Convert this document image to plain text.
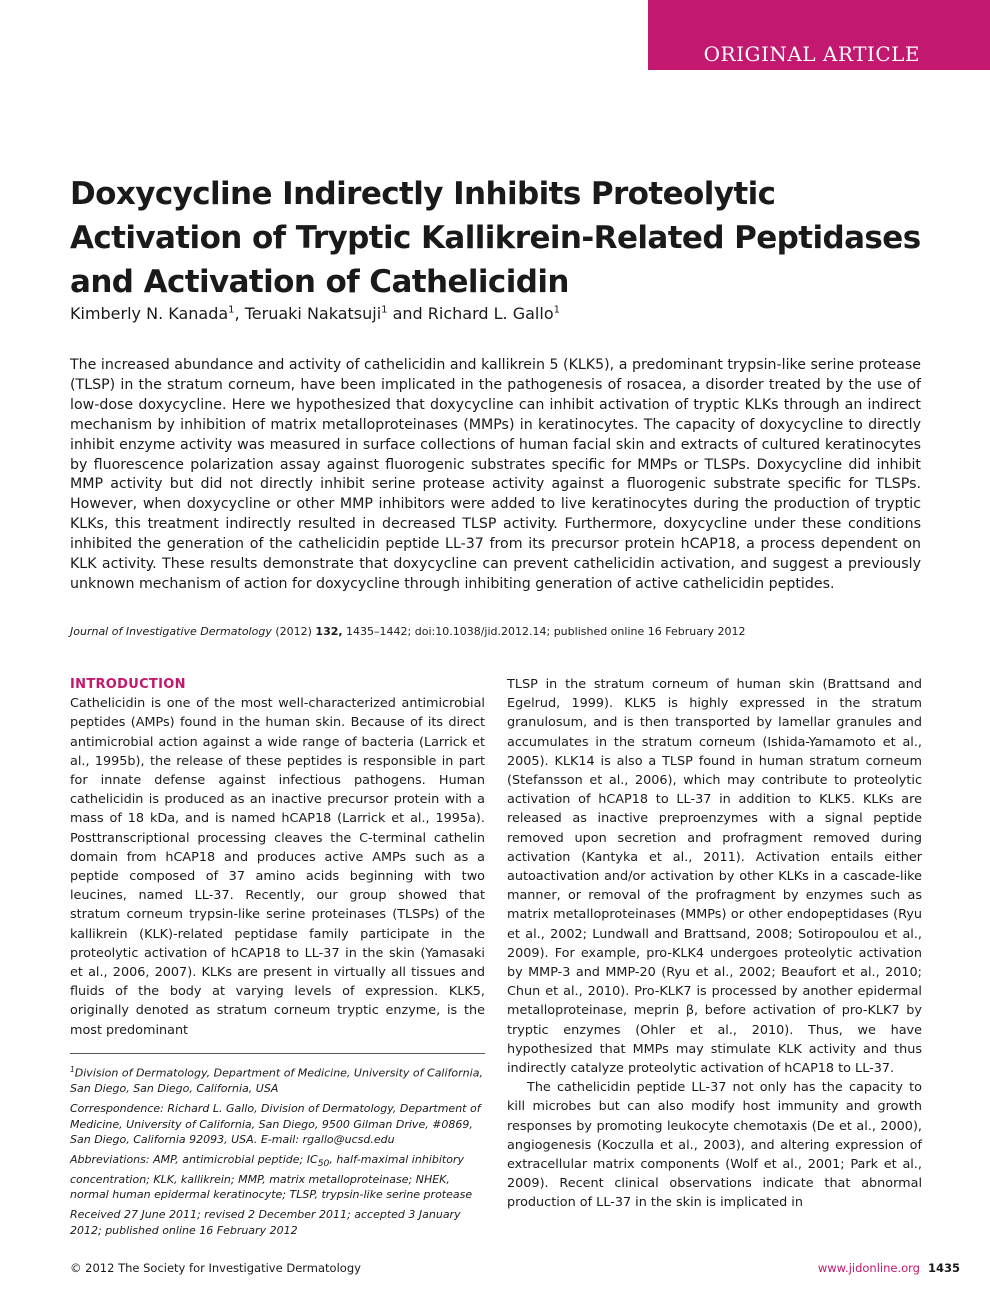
ORIGINAL ARTICLE
Doxycycline Indirectly Inhibits Proteolytic Activation of Tryptic Kallikrein-Related Peptidases and Activation of Cathelicidin
Kimberly N. Kanada$^1$, Teruaki Nakatsuji$^1$ and Richard L. Gallo$^1$

The increased abundance and activity of cathelicidin and kallikrein 5 (KLK5), a predominant trypsin-like serine protease (TLSP) in the stratum corneum, have been implicated in the pathogenesis of rosacea, a disorder treated by the use of low-dose doxycycline. Here we hypothesized that doxycycline can inhibit activation of tryptic KLKs through an indirect mechanism by inhibition of matrix metalloproteinases (MMPs) in keratinocytes. The capacity of doxycycline to directly inhibit enzyme activity was measured in surface collections of human facial skin and extracts of cultured keratinocytes by fluorescence polarization assay against fluorogenic substrates specific for MMPs or TLSPs. Doxycycline did inhibit MMP activity but did not directly inhibit serine protease activity against a fluorogenic substrate specific for TLSPs. However, when doxycycline or other MMP inhibitors were added to live keratinocytes during the production of tryptic KLKs, this treatment indirectly resulted in decreased TLSP activity. Furthermore, doxycycline under these conditions inhibited the generation of the cathelicidin peptide LL-37 from its precursor protein hCAP18, a process dependent on KLK activity. These results demonstrate that doxycycline can prevent cathelicidin activation, and suggest a previously unknown mechanism of action for doxycycline through inhibiting generation of active cathelicidin peptides.

Journal of Investigative Dermatology (2012) 132, 1435–1442; doi:10.1038/jid.2012.14; published online 16 February 2012

INTRODUCTION

Cathelicidin is one of the most well-characterized antimicrobial peptides (AMPs) found in the human skin. Because of its direct antimicrobial action against a wide range of bacteria (Larrick et al., 1995b), the release of these peptides is responsible in part for innate defense against infectious pathogens. Human cathelicidin is produced as an inactive precursor protein with a mass of 18 kDa, and is named hCAP18 (Larrick et al., 1995a). Posttranscriptional processing cleaves the C-terminal cathelin domain from hCAP18 and produces active AMPs such as a peptide composed of 37 amino acids beginning with two leucines, named LL-37. Recently, our group showed that stratum corneum trypsin-like serine proteinases (TLSPs) of the kallikrein (KLK)-related peptidase family participate in the proteolytic activation of hCAP18 to LL-37 in the skin (Yamasaki et al., 2006, 2007). KLKs are present in virtually all tissues and fluids of the body at varying levels of expression. KLK5, originally denoted as stratum corneum tryptic enzyme, is the most predominant

$^1$Division of Dermatology, Department of Medicine, University of California, San Diego, San Diego, California, USA

Correspondence: Richard L. Gallo, Division of Dermatology, Department of Medicine, University of California, San Diego, 9500 Gilman Drive, #0869, San Diego, California 92093, USA. E-mail: rgallo@ucsd.edu

Abbreviations: AMP, antimicrobial peptide; $IC_{50}$, half-maximal inhibitory concentration; KLK, kallikrein; MMP, matrix metalloproteinase; NHEK, normal human epidermal keratinocyte; TLSP, trypsin-like serine protease

Received 27 June 2011; revised 2 December 2011; accepted 3 January 2012; published online 16 February 2012

TLSP in the stratum corneum of human skin (Brattsand and Egelrud, 1999). KLK5 is highly expressed in the stratum granulosum, and is then transported by lamellar granules and accumulates in the stratum corneum (Ishida-Yamamoto et al., 2005). KLK14 is also a TLSP found in human stratum corneum (Stefansson et al., 2006), which may contribute to proteolytic activation of hCAP18 to LL-37 in addition to KLK5. KLKs are released as inactive preproenzymes with a signal peptide removed upon secretion and profragment removed during activation (Kantyka et al., 2011). Activation entails either autoactivation and/or activation by other KLKs in a cascade-like manner, or removal of the profragment by enzymes such as matrix metalloproteinases (MMPs) or other endopeptidases (Ryu et al., 2002; Lundwall and Brattsand, 2008; Sotiropoulou et al., 2009). For example, pro-KLK4 undergoes proteolytic activation by MMP-3 and MMP-20 (Ryu et al., 2002; Beaufort et al., 2010; Chun et al., 2010). Pro-KLK7 is processed by another epidermal metalloproteinase, meprin β, before activation of pro-KLK7 by tryptic enzymes (Ohler et al., 2010). Thus, we have hypothesized that MMPs may stimulate KLK activity and thus indirectly catalyze proteolytic activation of hCAP18 to LL-37.

The cathelicidin peptide LL-37 not only has the capacity to kill microbes but can also modify host immunity and growth responses by promoting leukocyte chemotaxis (De et al., 2000), angiogenesis (Koczulla et al., 2003), and altering expression of extracellular matrix components (Wolf et al., 2001; Park et al., 2009). Recent clinical observations indicate that abnormal production of LL-37 in the skin is implicated in

© 2012 The Society for Investigative Dermatology	www.jidonline.org 1435
